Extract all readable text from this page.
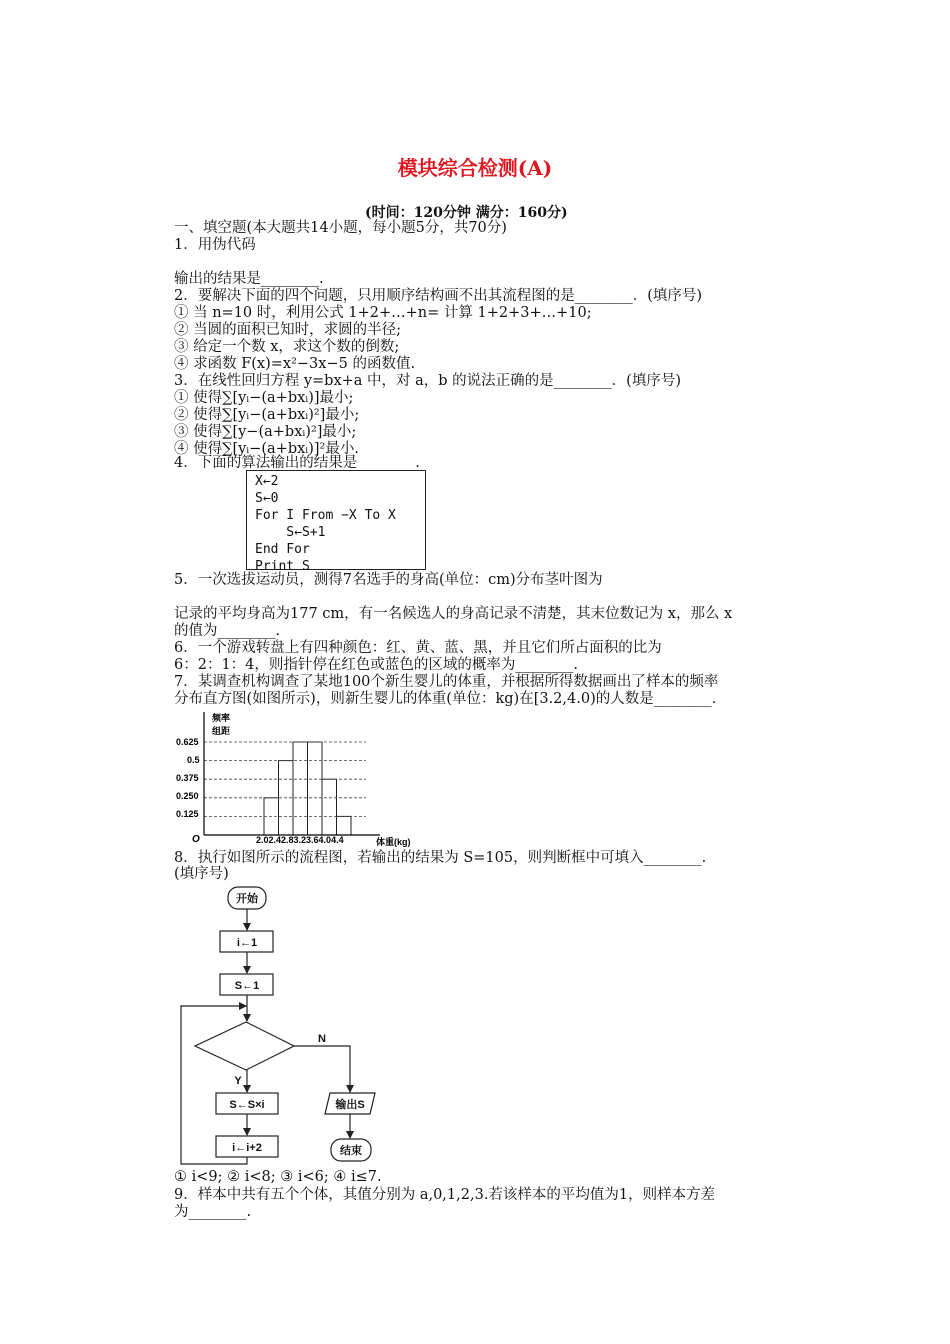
模块综合检测(A)
(时间：120分钟 满分：160分)
一、填空题(本大题共14小题，每小题5分，共70分)
1．用伪代码
输出的结果是________.
2．要解决下面的四个问题，只用顺序结构画不出其流程图的是________．(填序号)
① 当 n=10 时，利用公式 1+2+…+n= 计算 1+2+3+…+10;
② 当圆的面积已知时，求圆的半径;
③ 给定一个数 x，求这个数的倒数;
④ 求函数 F(x)=x²−3x−5 的函数值.
3．在线性回归方程 y=bx+a 中，对 a，b 的说法正确的是________．(填序号)
① 使得∑[yᵢ−(a+bxᵢ)]最小;
② 使得∑[yᵢ−(a+bxᵢ)²]最小;
③ 使得∑[y−(a+bxᵢ)²]最小;
④ 使得∑[yᵢ−(a+bxᵢ)]²最小.
4．下面的算法输出的结果是________.
X←2
S←0
For I From −X To X
S←S+1
End For
Print S
5．一次选拔运动员，测得7名选手的身高(单位：cm)分布茎叶图为
记录的平均身高为177 cm，有一名候选人的身高记录不清楚，其末位数记为 x，那么 x
的值为________.
6．一个游戏转盘上有四种颜色：红、黄、蓝、黑，并且它们所占面积的比为
6：2：1：4，则指针停在红色或蓝色的区域的概率为________.
7．某调查机构调查了某地100个新生婴儿的体重，并根据所得数据画出了样本的频率
分布直方图(如图所示)，则新生婴儿的体重(单位：kg)在[3.2,4.0)的人数是________.
频率
组距
0.625
0.5
0.375
0.250
0.125
O	2.02.42.83.23.64.04.4	体重(kg)
8．执行如图所示的流程图，若输出的结果为 S=105，则判断框中可填入________.
(填序号)
开始
i←1
S←1
N
Y
S←S×i
i←i+2
输出S
结束
① i<9; ② i<8; ③ i<6; ④ i≤7.
9．样本中共有五个个体，其值分别为 a,0,1,2,3.若该样本的平均值为1，则样本方差
为________.
